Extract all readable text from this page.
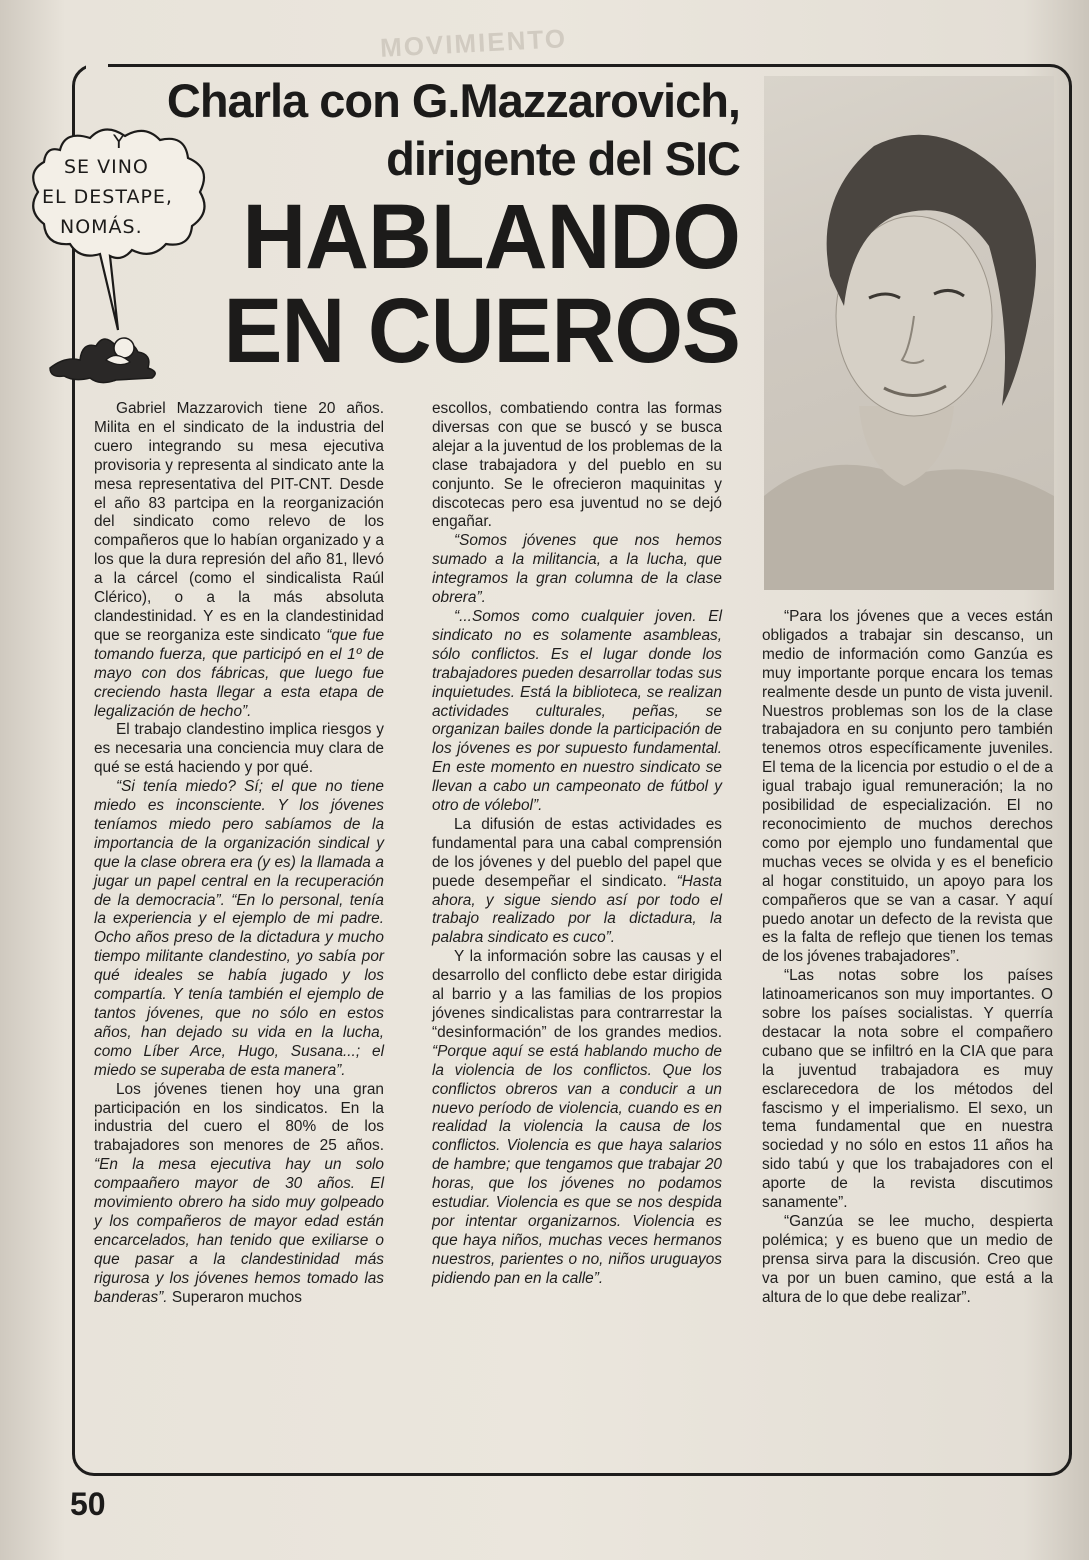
MOVIMIENTO
Charla con G.Mazzarovich,
dirigente del SIC
HABLANDO
EN CUEROS
Y
SE VINO
EL DESTAPE,
NOMÁS.

Gabriel Mazzarovich tiene 20 años. Milita en el sindicato de la industria del cuero integrando su mesa ejecutiva provisoria y representa al sindicato ante la mesa representativa del PIT-CNT. Desde el año 83 partcipa en la reorganización del sindicato como relevo de los compañeros que lo habían organizado y a los que la dura represión del año 81, llevó a la cárcel (como el sindicalista Raúl Clérico), o a la más absoluta clandestinidad. Y es en la clandestinidad que se reorganiza este sindicato “que fue tomando fuerza, que participó en el 1º de mayo con dos fábricas, que luego fue creciendo hasta llegar a esta etapa de legalización de hecho”.

El trabajo clandestino implica riesgos y es necesaria una conciencia muy clara de qué se está haciendo y por qué.

“Si tenía miedo? Sí; el que no tiene miedo es inconsciente. Y los jóvenes teníamos miedo pero sabíamos de la importancia de la organización sindical y que la clase obrera era (y es) la llamada a jugar un papel central en la recuperación de la democracia”. “En lo personal, tenía la experiencia y el ejemplo de mi padre. Ocho años preso de la dictadura y mucho tiempo militante clandestino, yo sabía por qué ideales se había jugado y los compartía. Y tenía también el ejemplo de tantos jóvenes, que no sólo en estos años, han dejado su vida en la lucha, como Líber Arce, Hugo, Susana...; el miedo se superaba de esta manera”.

Los jóvenes tienen hoy una gran participación en los sindicatos. En la industria del cuero el 80% de los trabajadores son menores de 25 años. “En la mesa ejecutiva hay un solo compaañero mayor de 30 años. El movimiento obrero ha sido muy golpeado y los compañeros de mayor edad están encarcelados, han tenido que exiliarse o que pasar a la clandestinidad más rigurosa y los jóvenes hemos tomado las banderas”. Superaron muchos

escollos, combatiendo contra las formas diversas con que se buscó y se busca alejar a la juventud de los problemas de la clase trabajadora y del pueblo en su conjunto. Se le ofrecieron maquinitas y discotecas pero esa juventud no se dejó engañar.

“Somos jóvenes que nos hemos sumado a la militancia, a la lucha, que integramos la gran columna de la clase obrera”.

“...Somos como cualquier joven. El sindicato no es solamente asambleas, sólo conflictos. Es el lugar donde los trabajadores pueden desarrollar todas sus inquietudes. Está la biblioteca, se realizan actividades culturales, peñas, se organizan bailes donde la participación de los jóvenes es por supuesto fundamental. En este momento en nuestro sindicato se llevan a cabo un campeonato de fútbol y otro de vólebol”.

La difusión de estas actividades es fundamental para una cabal comprensión de los jóvenes y del pueblo del papel que puede desempeñar el sindicato. “Hasta ahora, y sigue siendo así por todo el trabajo realizado por la dictadura, la palabra sindicato es cuco”.

Y la información sobre las causas y el desarrollo del conflicto debe estar dirigida al barrio y a las familias de los propios jóvenes sindicalistas para contrarrestar la “desinformación” de los grandes medios. “Porque aquí se está hablando mucho de la violencia de los conflictos. Que los conflictos obreros van a conducir a un nuevo período de violencia, cuando es en realidad la violencia la causa de los conflictos. Violencia es que haya salarios de hambre; que tengamos que trabajar 20 horas, que los jóvenes no podamos estudiar. Violencia es que se nos despida por intentar organizarnos. Violencia es que haya niños, muchas veces hermanos nuestros, parientes o no, niños uruguayos pidiendo pan en la calle”.

“Para los jóvenes que a veces están obligados a trabajar sin descanso, un medio de información como Ganzúa es muy importante porque encara los temas realmente desde un punto de vista juvenil. Nuestros problemas son los de la clase trabajadora en su conjunto pero también tenemos otros específicamente juveniles. El tema de la licencia por estudio o el de a igual trabajo igual remuneración; la no posibilidad de especialización. El no reconocimiento de muchos derechos como por ejemplo uno fundamental que muchas veces se olvida y es el beneficio al hogar constituido, un apoyo para los compañeros que se van a casar. Y aquí puedo anotar un defecto de la revista que es la falta de reflejo que tienen los temas de los jóvenes trabajadores”.

“Las notas sobre los países latinoamericanos son muy importantes. O sobre los países socialistas. Y querría destacar la nota sobre el compañero cubano que se infiltró en la CIA que para la juventud trabajadora es muy esclarecedora de los métodos del fascismo y el imperialismo. El sexo, un tema fundamental que en nuestra sociedad y no sólo en estos 11 años ha sido tabú y que los trabajadores con el aporte de la revista discutimos sanamente”.

“Ganzúa se lee mucho, despierta polémica; y es bueno que un medio de prensa sirva para la discusión. Creo que va por un buen camino, que está a la altura de lo que debe realizar”.

50
